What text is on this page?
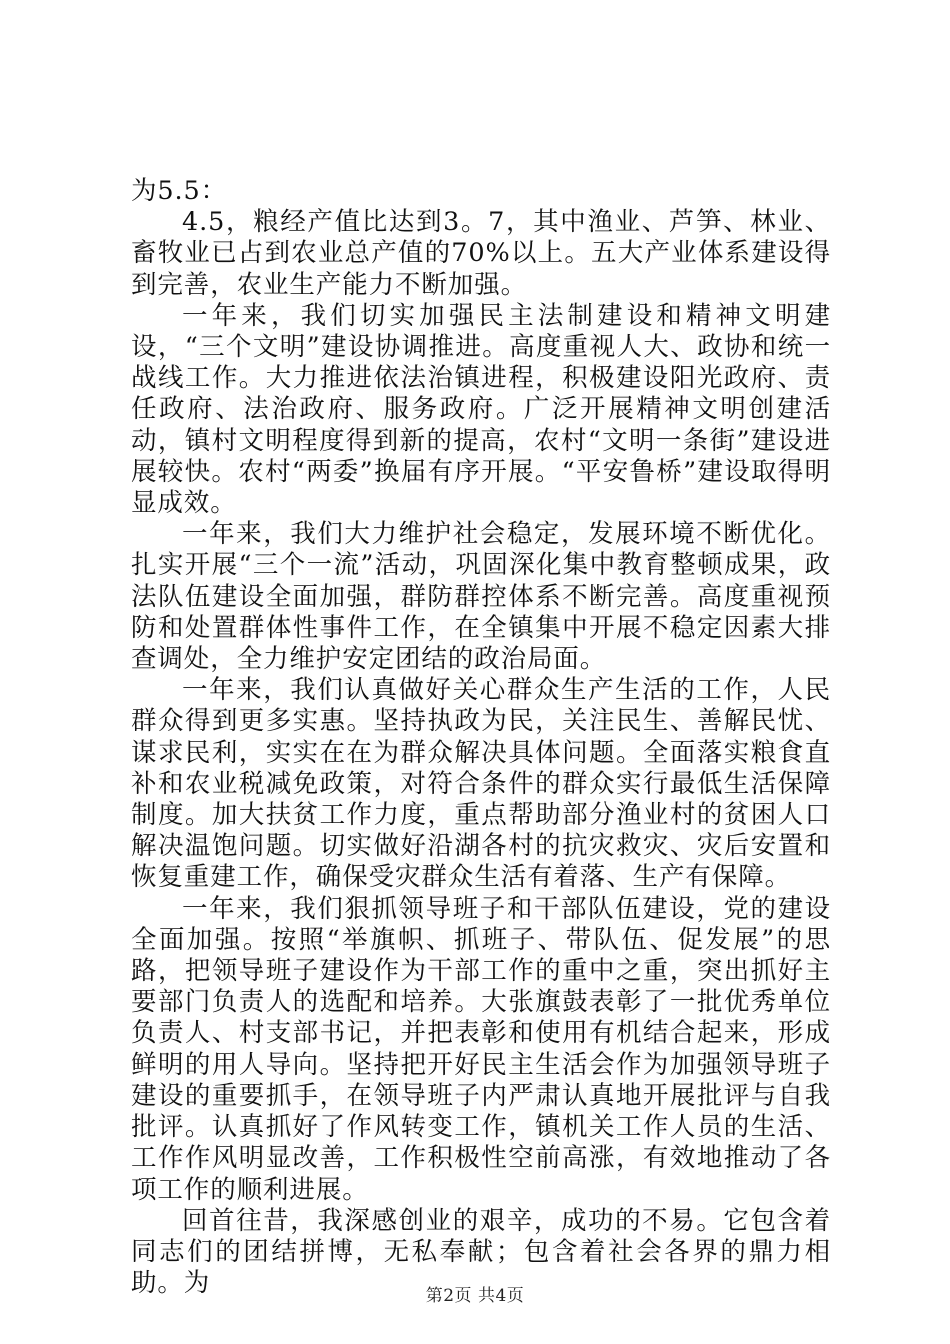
为5.5：

4.5，粮经产值比达到3。7，其中渔业、芦笋、林业、畜牧业已占到农业总产值的70%以上。五大产业体系建设得到完善，农业生产能力不断加强。

一年来，我们切实加强民主法制建设和精神文明建设，“三个文明”建设协调推进。高度重视人大、政协和统一战线工作。大力推进依法治镇进程，积极建设阳光政府、责任政府、法治政府、服务政府。广泛开展精神文明创建活动，镇村文明程度得到新的提高，农村“文明一条街”建设进展较快。农村“两委”换届有序开展。“平安鲁桥”建设取得明显成效。

一年来，我们大力维护社会稳定，发展环境不断优化。扎实开展“三个一流”活动，巩固深化集中教育整顿成果，政法队伍建设全面加强，群防群控体系不断完善。高度重视预防和处置群体性事件工作，在全镇集中开展不稳定因素大排查调处，全力维护安定团结的政治局面。

一年来，我们认真做好关心群众生产生活的工作，人民群众得到更多实惠。坚持执政为民，关注民生、善解民忧、谋求民利，实实在在为群众解决具体问题。全面落实粮食直补和农业税减免政策，对符合条件的群众实行最低生活保障制度。加大扶贫工作力度，重点帮助部分渔业村的贫困人口解决温饱问题。切实做好沿湖各村的抗灾救灾、灾后安置和恢复重建工作，确保受灾群众生活有着落、生产有保障。

一年来，我们狠抓领导班子和干部队伍建设，党的建设全面加强。按照“举旗帜、抓班子、带队伍、促发展”的思路，把领导班子建设作为干部工作的重中之重，突出抓好主要部门负责人的选配和培养。大张旗鼓表彰了一批优秀单位负责人、村支部书记，并把表彰和使用有机结合起来，形成鲜明的用人导向。坚持把开好民主生活会作为加强领导班子建设的重要抓手，在领导班子内严肃认真地开展批评与自我批评。认真抓好了作风转变工作，镇机关工作人员的生活、工作作风明显改善，工作积极性空前高涨，有效地推动了各项工作的顺利进展。

回首往昔，我深感创业的艰辛，成功的不易。它包含着同志们的团结拼博，无私奉献；包含着社会各界的鼎力相助。为	第2页 共4页
